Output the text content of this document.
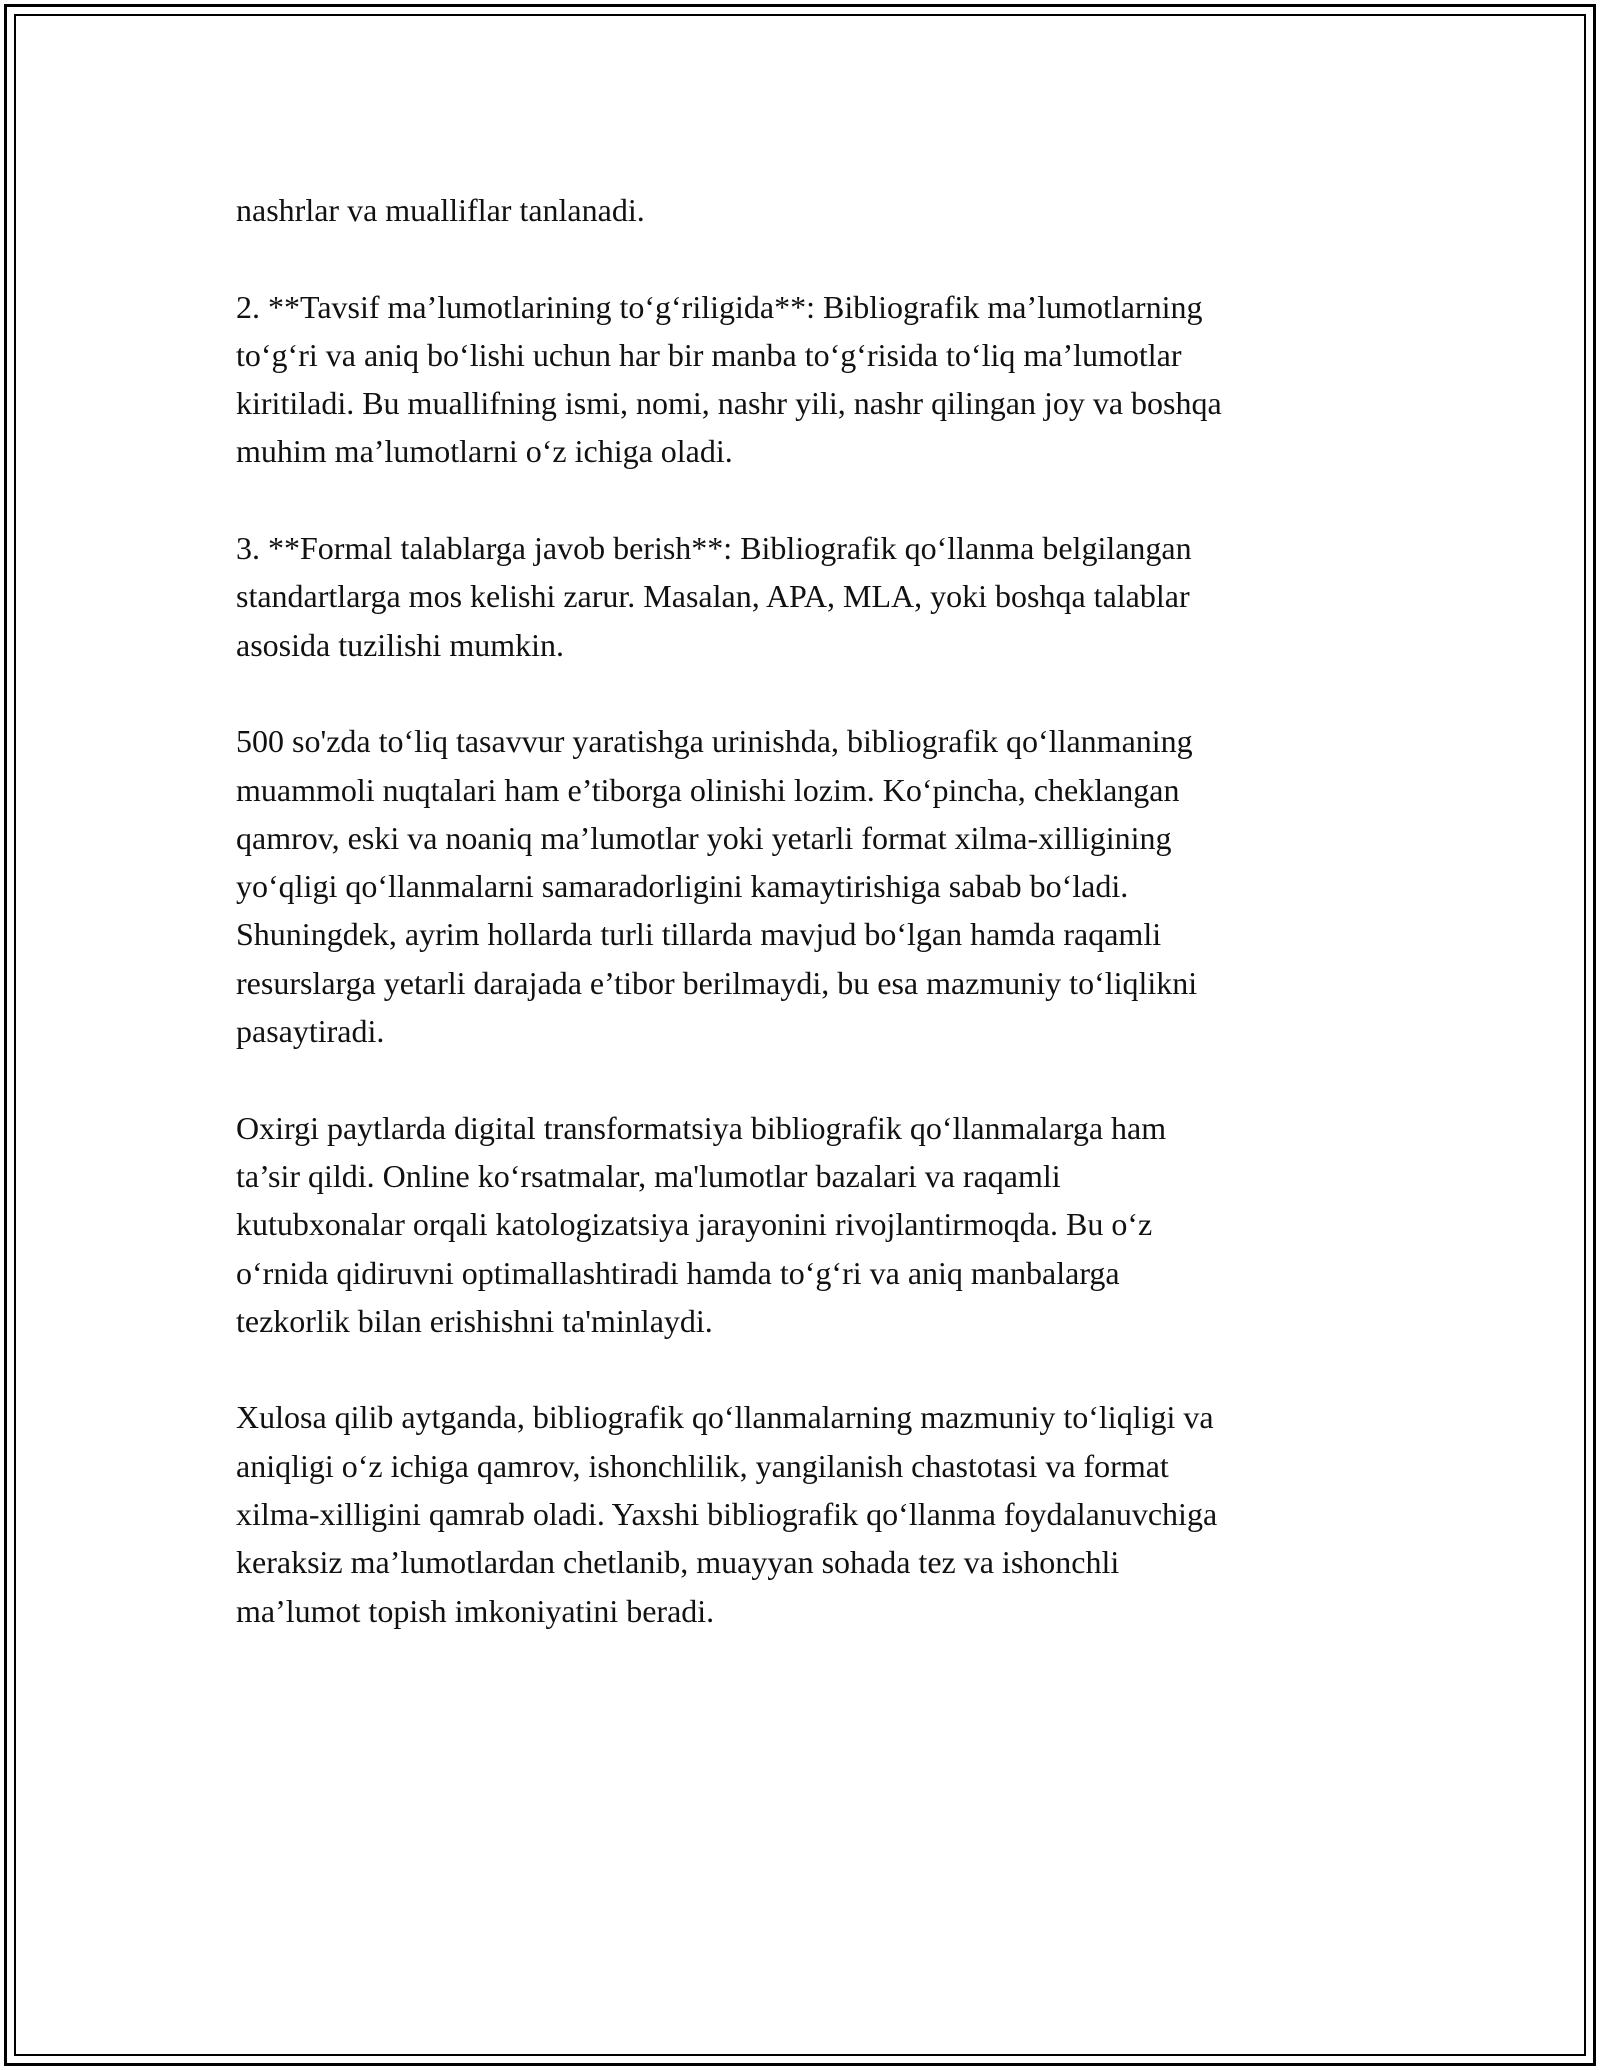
nashrlar va mualliflar tanlanadi.

2. **Tavsif ma’lumotlarining to‘g‘riligida**: Bibliografik ma’lumotlarning
to‘g‘ri va aniq bo‘lishi uchun har bir manba to‘g‘risida to‘liq ma’lumotlar
kiritiladi. Bu muallifning ismi, nomi, nashr yili, nashr qilingan joy va boshqa
muhim ma’lumotlarni o‘z ichiga oladi.

3. **Formal talablarga javob berish**: Bibliografik qo‘llanma belgilangan
standartlarga mos kelishi zarur. Masalan, APA, MLA, yoki boshqa talablar
asosida tuzilishi mumkin.

500 so'zda to‘liq tasavvur yaratishga urinishda, bibliografik qo‘llanmaning
muammoli nuqtalari ham e’tiborga olinishi lozim. Ko‘pincha, cheklangan
qamrov, eski va noaniq ma’lumotlar yoki yetarli format xilma-xilligining
yo‘qligi qo‘llanmalarni samaradorligini kamaytirishiga sabab bo‘ladi.
Shuningdek, ayrim hollarda turli tillarda mavjud bo‘lgan hamda raqamli
resurslarga yetarli darajada e’tibor berilmaydi, bu esa mazmuniy to‘liqlikni
pasaytiradi.

Oxirgi paytlarda digital transformatsiya bibliografik qo‘llanmalarga ham
ta’sir qildi. Online ko‘rsatmalar, ma'lumotlar bazalari va raqamli
kutubxonalar orqali katologizatsiya jarayonini rivojlantirmoqda. Bu o‘z
o‘rnida qidiruvni optimallashtiradi hamda to‘g‘ri va aniq manbalarga
tezkorlik bilan erishishni ta'minlaydi.

Xulosa qilib aytganda, bibliografik qo‘llanmalarning mazmuniy to‘liqligi va
aniqligi o‘z ichiga qamrov, ishonchlilik, yangilanish chastotasi va format
xilma-xilligini qamrab oladi. Yaxshi bibliografik qo‘llanma foydalanuvchiga
keraksiz ma’lumotlardan chetlanib, muayyan sohada tez va ishonchli
ma’lumot topish imkoniyatini beradi.
